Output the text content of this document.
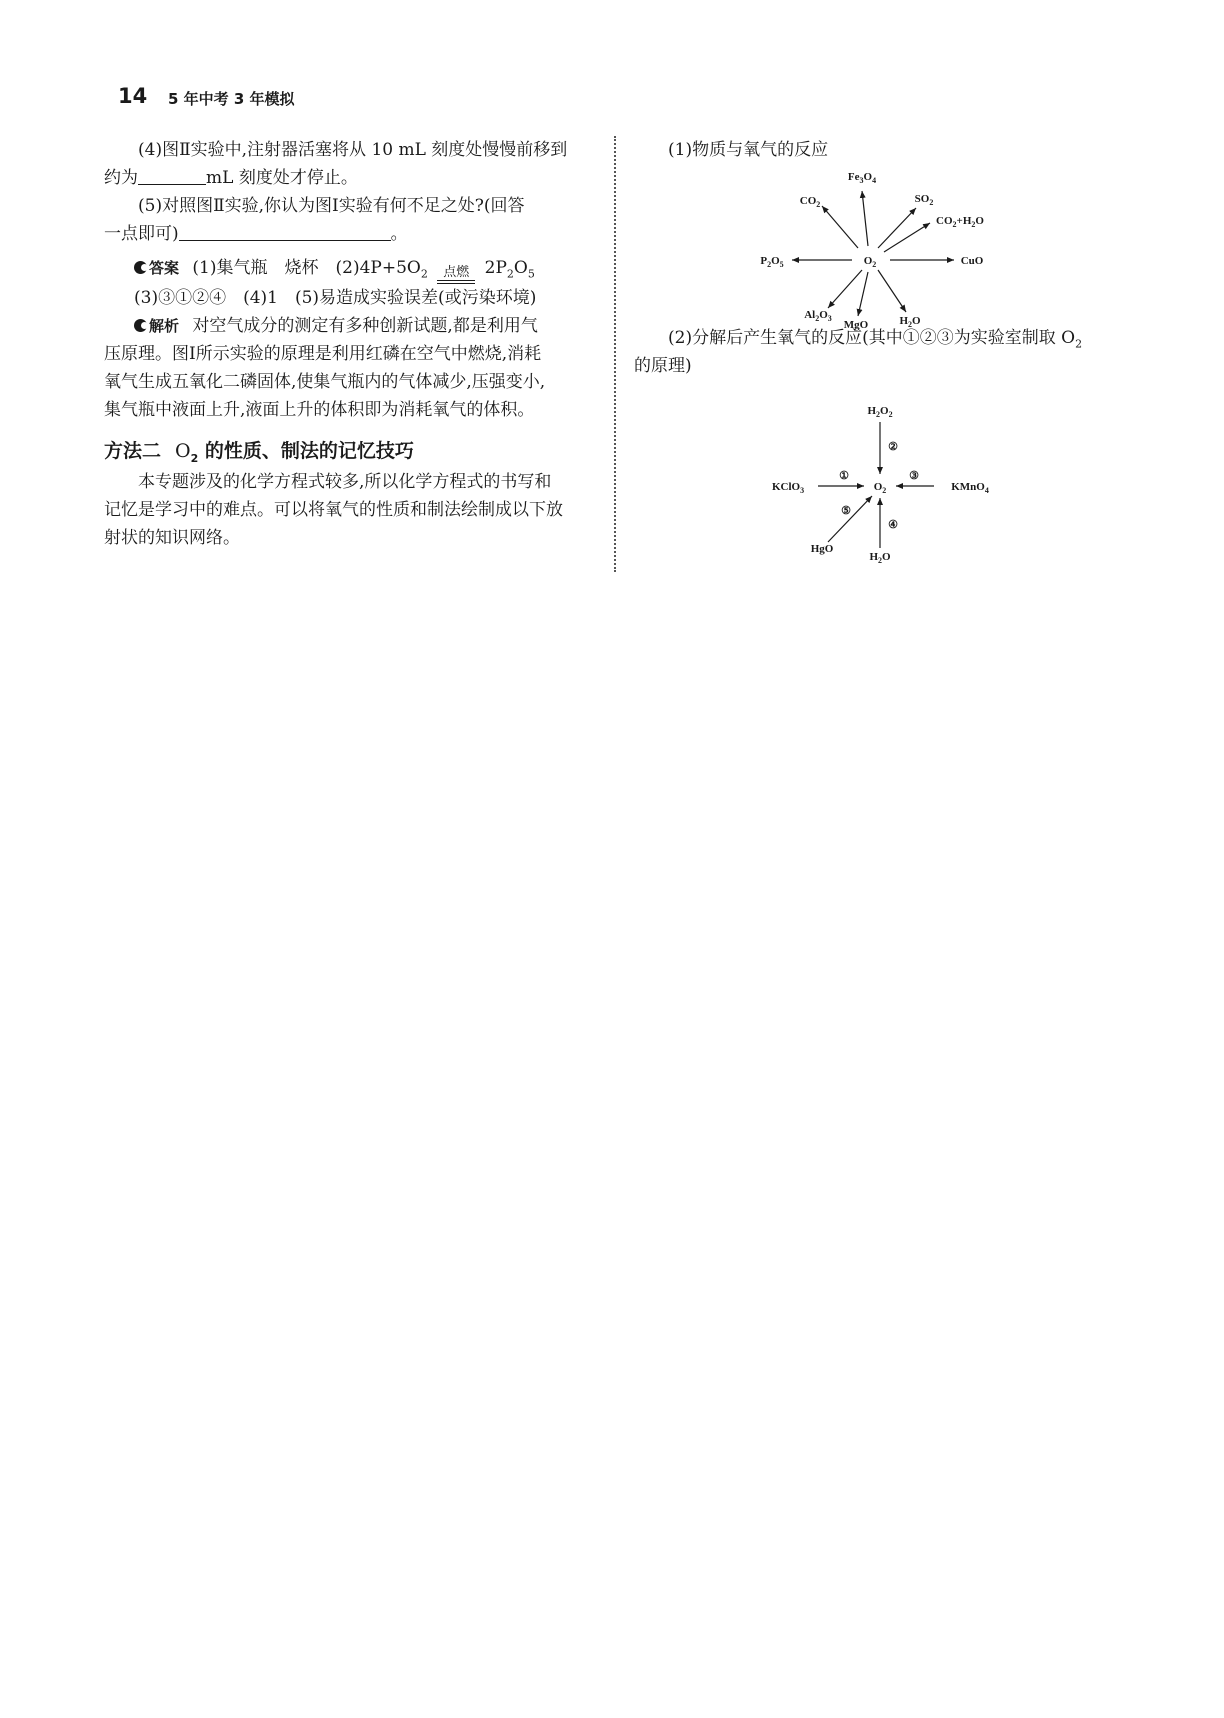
14 5 年中考 3 年模拟

(4)图Ⅱ实验中,注射器活塞将从 10 mL 刻度处慢慢前移到

约为	mL 刻度处才停止。

(5)对照图Ⅱ实验,你认为图Ⅰ实验有何不足之处?(回答

一点即可)	。

答案 (1)集气瓶　烧杯　$(2)4P+5O_2$	点燃 $2P_2O_5$

(3)③①②④　(4)1　(5)易造成实验误差(或污染环境)

解析 对空气成分的测定有多种创新试题,都是利用气

压原理。图Ⅰ所示实验的原理是利用红磷在空气中燃烧,消耗

氧气生成五氧化二磷固体,使集气瓶内的气体减少,压强变小,

集气瓶中液面上升,液面上升的体积即为消耗氧气的体积。

方法二 $O_2$ 的性质、制法的记忆技巧

本专题涉及的化学方程式较多,所以化学方程式的书写和

记忆是学习中的难点。可以将氧气的性质和制法绘制成以下放

射状的知识网络。

(1)物质与氧气的反应

(2)分解后产生氧气的反应(其中①②③为实验室制取 $O_2$

的原理)

O2
Fe3O4
CO2	SO2
CO2+H2O
P2O5	CuO
Al2O3
MgO	H2O
O2
H2O2
②
KClO3
①
KMnO4
③
HgO
⑤
H2O
④
